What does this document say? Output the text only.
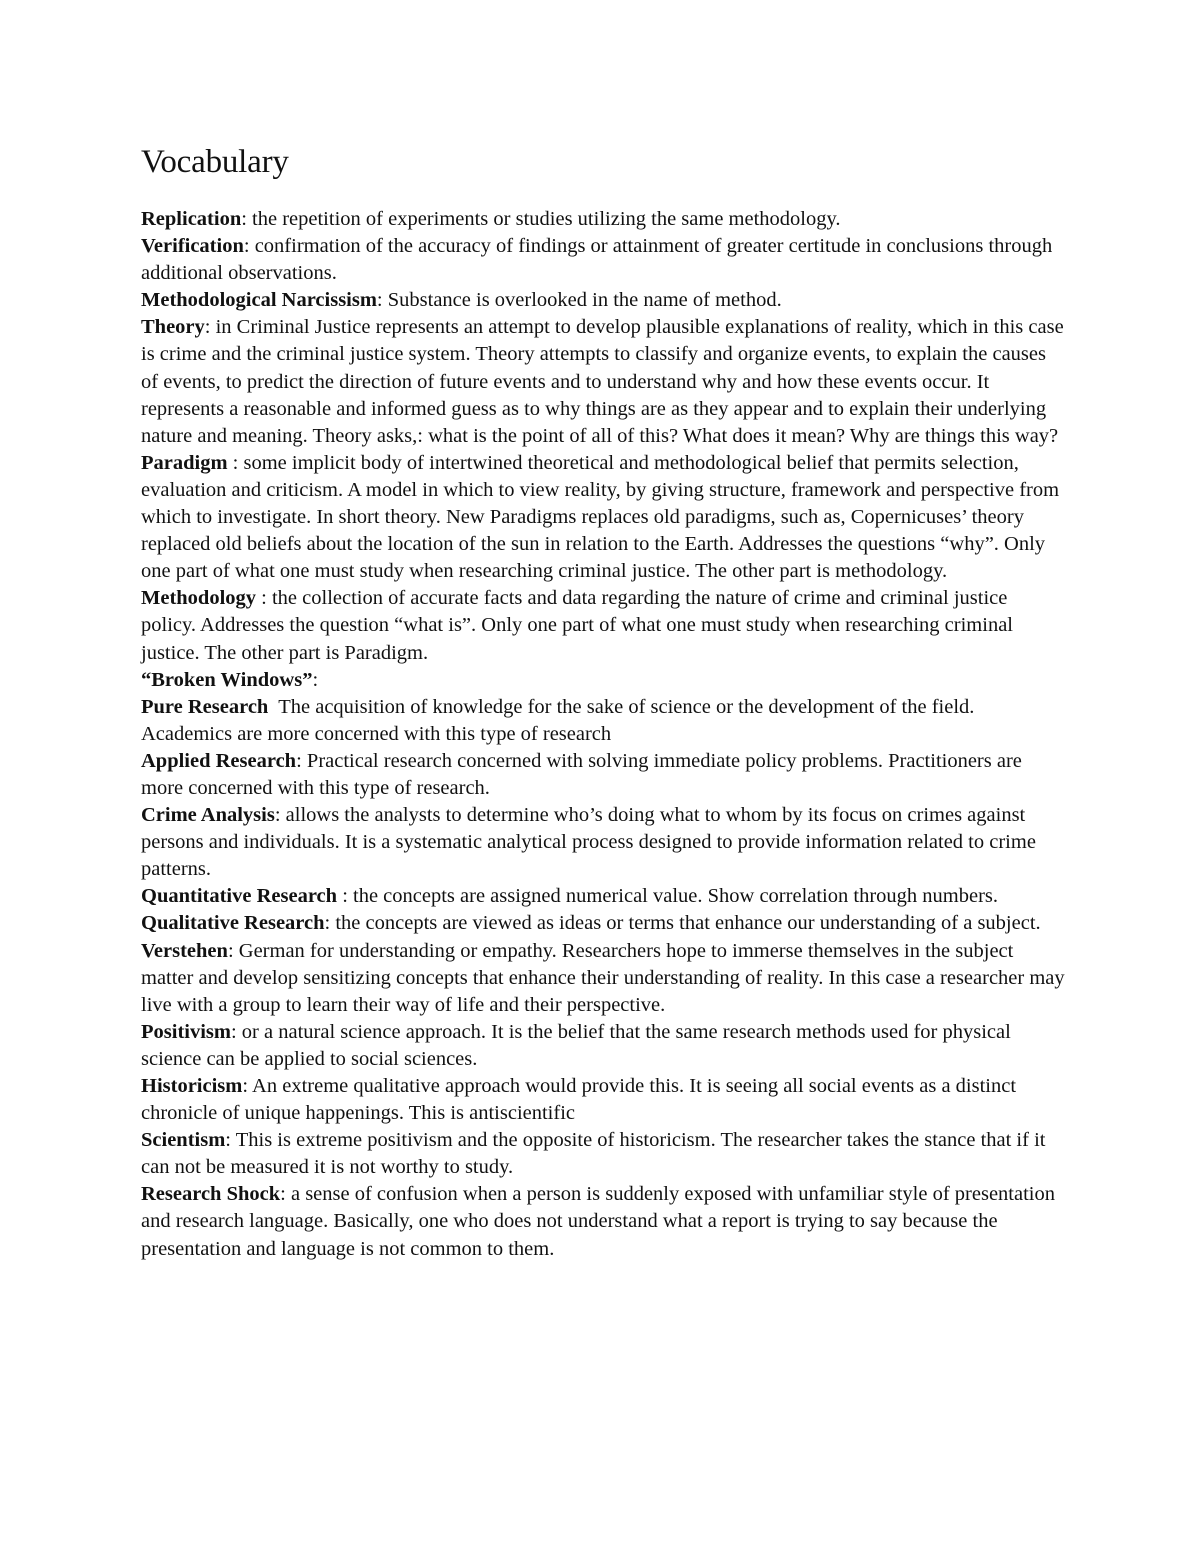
Vocabulary

Replication: the repetition of experiments or studies utilizing the same methodology.

Verification: confirmation of the accuracy of findings or attainment of greater certitude in conclusions through additional observations.

Methodological Narcissism: Substance is overlooked in the name of method.

Theory: in Criminal Justice represents an attempt to develop plausible explanations of reality, which in this case is crime and the criminal justice system. Theory attempts to classify and organize events, to explain the causes of events, to predict the direction of future events and to understand why and how these events occur. It represents a reasonable and informed guess as to why things are as they appear and to explain their underlying nature and meaning. Theory asks,: what is the point of all of this? What does it mean? Why are things this way?

Paradigm : some implicit body of intertwined theoretical and methodological belief that permits selection, evaluation and criticism. A model in which to view reality, by giving structure, framework and perspective from which to investigate. In short theory. New Paradigms replaces old paradigms, such as, Copernicuses’ theory replaced old beliefs about the location of the sun in relation to the Earth. Addresses the questions “why”. Only one part of what one must study when researching criminal justice. The other part is methodology.

Methodology : the collection of accurate facts and data regarding the nature of crime and criminal justice policy. Addresses the question “what is”. Only one part of what one must study when researching criminal justice. The other part is Paradigm.

“Broken Windows”:

Pure Research  The acquisition of knowledge for the sake of science or the development of the field. Academics are more concerned with this type of research

Applied Research: Practical research concerned with solving immediate policy problems. Practitioners are more concerned with this type of research.

Crime Analysis: allows the analysts to determine who’s doing what to whom by its focus on crimes against persons and individuals. It is a systematic analytical process designed to provide information related to crime patterns.

Quantitative Research : the concepts are assigned numerical value. Show correlation through numbers.

Qualitative Research: the concepts are viewed as ideas or terms that enhance our understanding of a subject.

Verstehen: German for understanding or empathy. Researchers hope to immerse themselves in the subject matter and develop sensitizing concepts that enhance their understanding of reality. In this case a researcher may live with a group to learn their way of life and their perspective.

Positivism: or a natural science approach. It is the belief that the same research methods used for physical science can be applied to social sciences.

Historicism: An extreme qualitative approach would provide this. It is seeing all social events as a distinct chronicle of unique happenings. This is antiscientific

Scientism: This is extreme positivism and the opposite of historicism. The researcher takes the stance that if it can not be measured it is not worthy to study.

Research Shock: a sense of confusion when a person is suddenly exposed with unfamiliar style of presentation and research language. Basically, one who does not understand what a report is trying to say because the presentation and language is not common to them.
